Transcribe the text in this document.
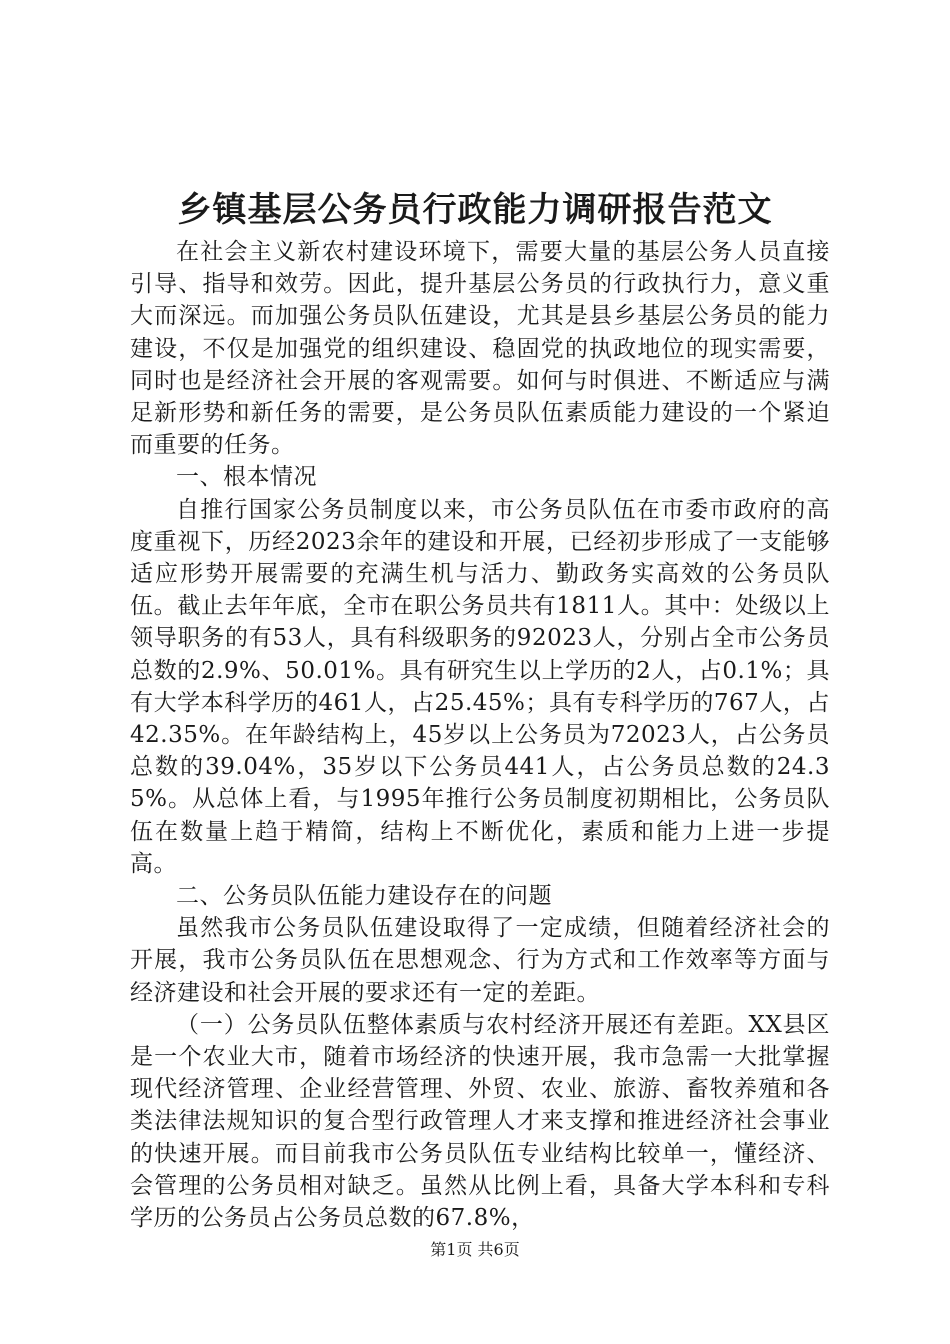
乡镇基层公务员行政能力调研报告范文

在社会主义新农村建设环境下，需要大量的基层公务人员直接引导、指导和效劳。因此，提升基层公务员的行政执行力，意义重大而深远。而加强公务员队伍建设，尤其是县乡基层公务员的能力建设，不仅是加强党的组织建设、稳固党的执政地位的现实需要，同时也是经济社会开展的客观需要。如何与时俱进、不断适应与满足新形势和新任务的需要，是公务员队伍素质能力建设的一个紧迫而重要的任务。

一、根本情况

自推行国家公务员制度以来，市公务员队伍在市委市政府的高度重视下，历经2023余年的建设和开展，已经初步形成了一支能够适应形势开展需要的充满生机与活力、勤政务实高效的公务员队伍。截止去年年底，全市在职公务员共有1811人。其中：处级以上领导职务的有53人，具有科级职务的92023人，分别占全市公务员总数的2.9%、50.01%。具有研究生以上学历的2人，占0.1%；具有大学本科学历的461人，占25.45%；具有专科学历的767人，占42.35%。在年龄结构上，45岁以上公务员为72023人，占公务员总数的39.04%，35岁以下公务员441人，占公务员总数的24.35%。从总体上看，与1995年推行公务员制度初期相比，公务员队伍在数量上趋于精简，结构上不断优化，素质和能力上进一步提高。

二、公务员队伍能力建设存在的问题

虽然我市公务员队伍建设取得了一定成绩，但随着经济社会的开展，我市公务员队伍在思想观念、行为方式和工作效率等方面与经济建设和社会开展的要求还有一定的差距。

（一）公务员队伍整体素质与农村经济开展还有差距。XX县区是一个农业大市，随着市场经济的快速开展，我市急需一大批掌握现代经济管理、企业经营管理、外贸、农业、旅游、畜牧养殖和各类法律法规知识的复合型行政管理人才来支撑和推进经济社会事业的快速开展。而目前我市公务员队伍专业结构比较单一，懂经济、会管理的公务员相对缺乏。虽然从比例上看，具备大学本科和专科学历的公务员占公务员总数的67.8%，

第1页 共6页
